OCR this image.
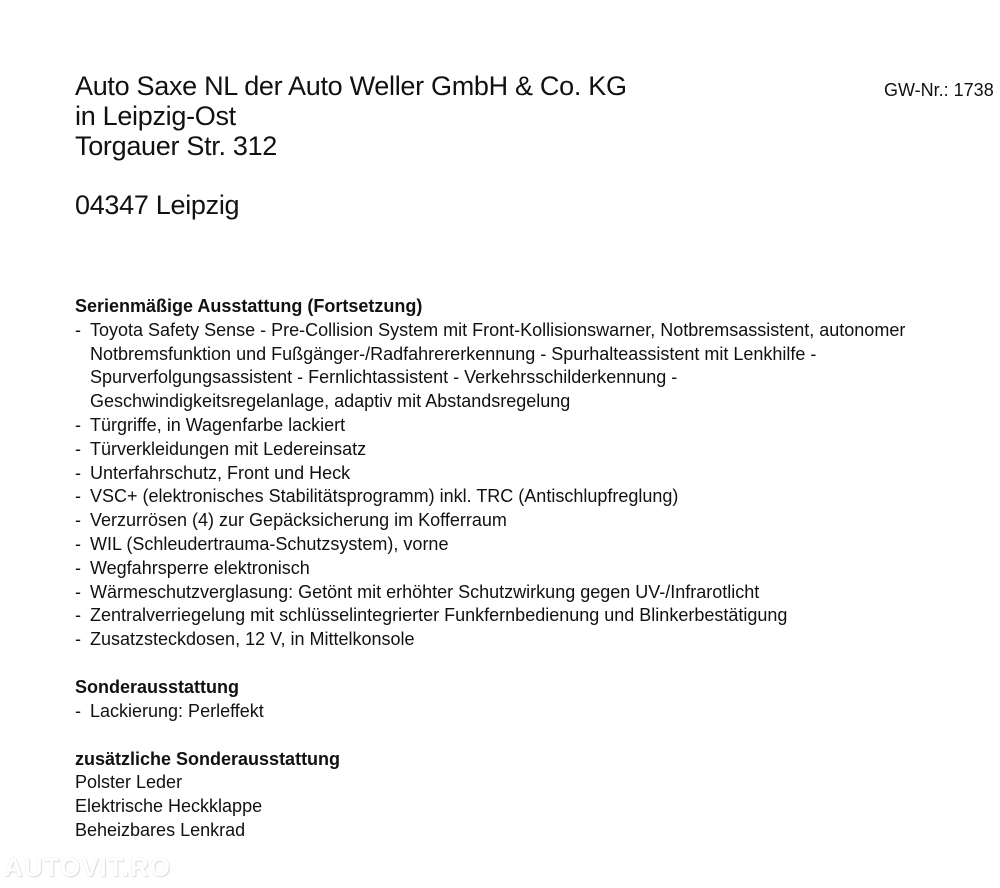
Auto Saxe NL der Auto Weller GmbH & Co. KG
in Leipzig-Ost
Torgauer Str. 312
04347 Leipzig
GW-Nr.: 1738
Serienmäßige Ausstattung (Fortsetzung)
- Toyota Safety Sense - Pre-Collision System mit Front-Kollisionswarner, Notbremsassistent, autonomer Notbremsfunktion und Fußgänger-/Radfahrererkennung - Spurhalteassistent mit Lenkhilfe - Spurverfolgungsassistent - Fernlichtassistent - Verkehrsschilderkennung - Geschwindigkeitsregelanlage, adaptiv mit Abstandsregelung
- Türgriffe, in Wagenfarbe lackiert
- Türverkleidungen mit Ledereinsatz
- Unterfahrschutz, Front und Heck
- VSC+ (elektronisches Stabilitätsprogramm) inkl. TRC (Antischlupfreglung)
- Verzurrösen (4) zur Gepäcksicherung im Kofferraum
- WIL (Schleudertrauma-Schutzsystem), vorne
- Wegfahrsperre elektronisch
- Wärmeschutzverglasung: Getönt mit erhöhter Schutzwirkung gegen UV-/Infrarotlicht
- Zentralverriegelung mit schlüsselintegrierter Funkfernbedienung und Blinkerbestätigung
- Zusatzsteckdosen, 12 V, in Mittelkonsole
Sonderausstattung
- Lackierung: Perleffekt
zusätzliche Sonderausstattung
Polster Leder
Elektrische Heckklappe
Beheizbares Lenkrad
AUTOVIT.RO
